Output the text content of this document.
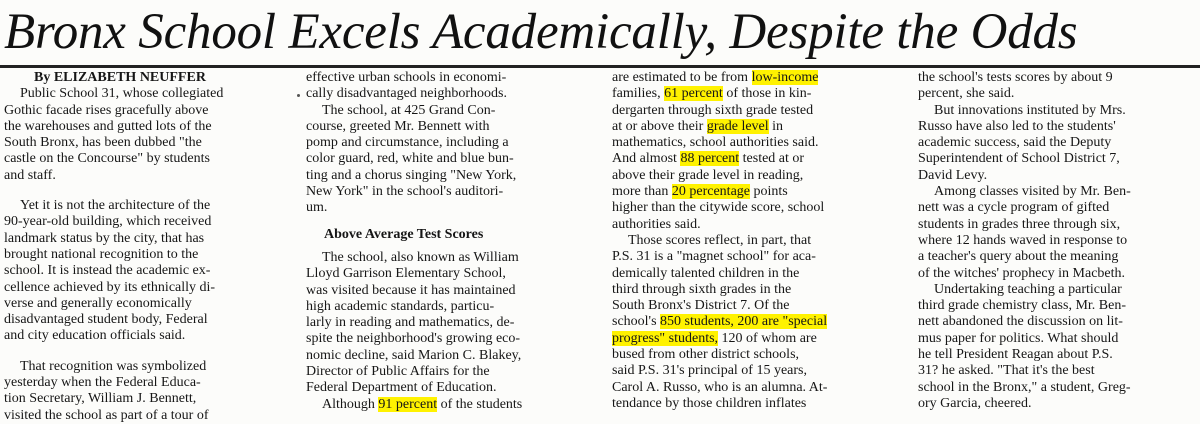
Bronx School Excels Academically, Despite the Odds
By ELIZABETH NEUFFER
Public School 31, whose collegiated
Gothic facade rises gracefully above
the warehouses and gutted lots of the
South Bronx, has been dubbed "the
castle on the Concourse" by students
and staff.
Yet it is not the architecture of the
90-year-old building, which received
landmark status by the city, that has
brought national recognition to the
school. It is instead the academic ex-
cellence achieved by its ethnically di-
verse and generally economically
disadvantaged student body, Federal
and city education officials said.
That recognition was symbolized
yesterday when the Federal Educa-
tion Secretary, William J. Bennett,
visited the school as part of a tour of
effective urban schools in economi-
cally disadvantaged neighborhoods.
The school, at 425 Grand Con-
course, greeted Mr. Bennett with
pomp and circumstance, including a
color guard, red, white and blue bun-
ting and a chorus singing "New York,
New York" in the school's auditori-
um.
Above Average Test Scores
The school, also known as William
Lloyd Garrison Elementary School,
was visited because it has maintained
high academic standards, particu-
larly in reading and mathematics, de-
spite the neighborhood's growing eco-
nomic decline, said Marion C. Blakey,
Director of Public Affairs for the
Federal Department of Education.
Although 91 percent of the students
are estimated to be from low-income
families, 61 percent of those in kin-
dergarten through sixth grade tested
at or above their grade level in
mathematics, school authorities said.
And almost 88 percent tested at or
above their grade level in reading,
more than 20 percentage points
higher than the citywide score, school
authorities said.
Those scores reflect, in part, that
P.S. 31 is a "magnet school" for aca-
demically talented children in the
third through sixth grades in the
South Bronx's District 7. Of the
school's 850 students, 200 are "special
progress" students, 120 of whom are
bused from other district schools,
said P.S. 31's principal of 15 years,
Carol A. Russo, who is an alumna. At-
tendance by those children inflates
the school's tests scores by about 9
percent, she said.
But innovations instituted by Mrs.
Russo have also led to the students'
academic success, said the Deputy
Superintendent of School District 7,
David Levy.
Among classes visited by Mr. Ben-
nett was a cycle program of gifted
students in grades three through six,
where 12 hands waved in response to
a teacher's query about the meaning
of the witches' prophecy in Macbeth.
Undertaking teaching a particular
third grade chemistry class, Mr. Ben-
nett abandoned the discussion on lit-
mus paper for politics. What should
he tell President Reagan about P.S.
31? he asked. "That it's the best
school in the Bronx," a student, Greg-
ory Garcia, cheered.
